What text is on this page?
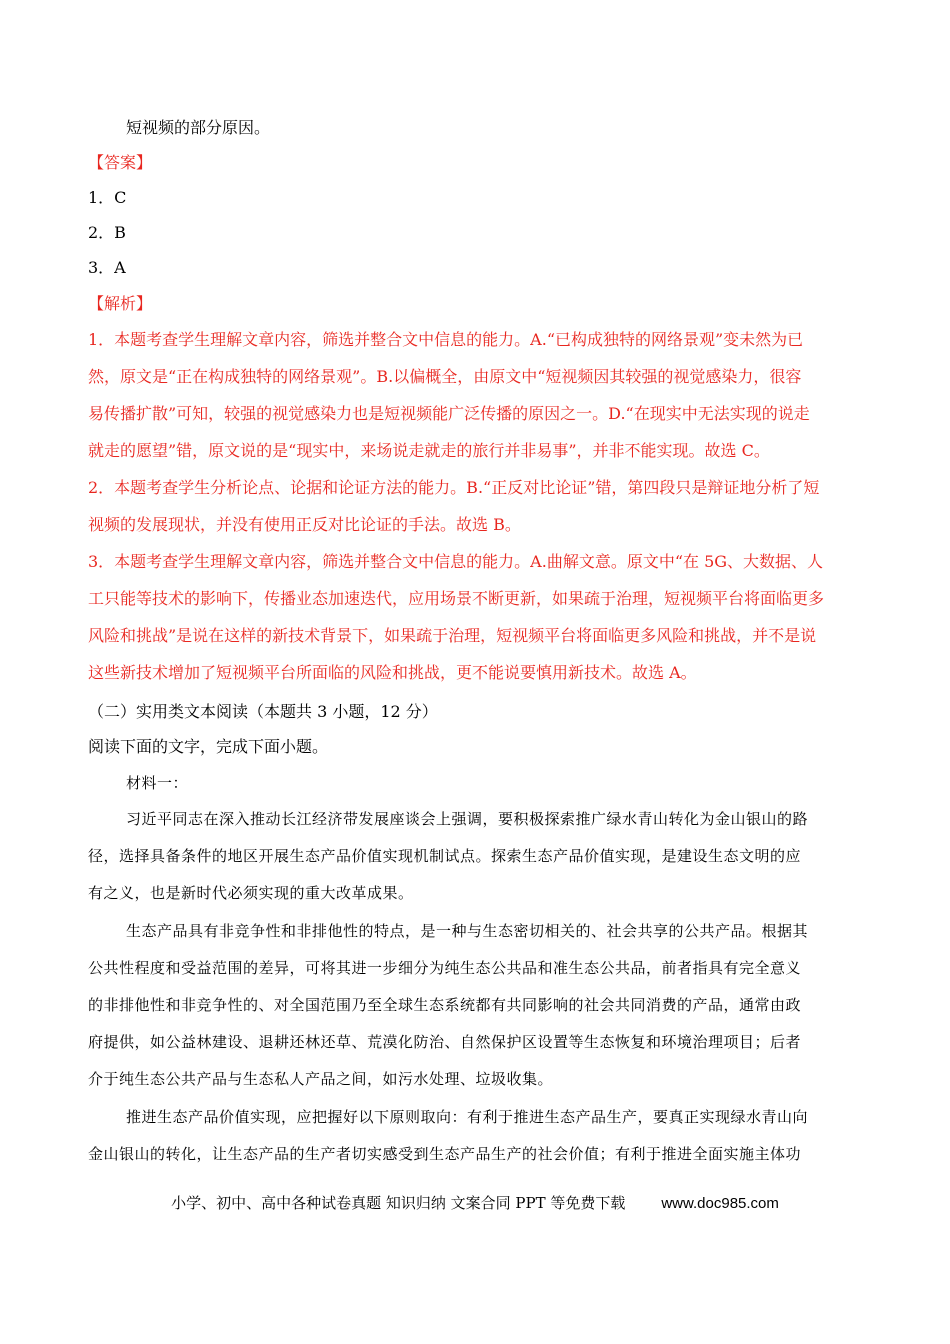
短视频的部分原因。
【答案】
1．C
2．B
3．A
【解析】
1．本题考查学生理解文章内容，筛选并整合文中信息的能力。A.“已构成独特的网络景观”变未然为已
然，原文是“正在构成独特的网络景观”。B.以偏概全，由原文中“短视频因其较强的视觉感染力，很容
易传播扩散”可知，较强的视觉感染力也是短视频能广泛传播的原因之一。D.“在现实中无法实现的说走
就走的愿望”错，原文说的是“现实中，来场说走就走的旅行并非易事”，并非不能实现。故选 C。
2．本题考查学生分析论点、论据和论证方法的能力。B.“正反对比论证”错，第四段只是辩证地分析了短
视频的发展现状，并没有使用正反对比论证的手法。故选 B。
3．本题考查学生理解文章内容，筛选并整合文中信息的能力。A.曲解文意。原文中“在 5G、大数据、人
工只能等技术的影响下，传播业态加速迭代，应用场景不断更新，如果疏于治理，短视频平台将面临更多
风险和挑战”是说在这样的新技术背景下，如果疏于治理，短视频平台将面临更多风险和挑战，并不是说
这些新技术增加了短视频平台所面临的风险和挑战，更不能说要慎用新技术。故选 A。
（二）实用类文本阅读（本题共 3 小题，12 分）
阅读下面的文字，完成下面小题。
材料一：
习近平同志在深入推动长江经济带发展座谈会上强调，要积极探索推广绿水青山转化为金山银山的路
径，选择具备条件的地区开展生态产品价值实现机制试点。探索生态产品价值实现，是建设生态文明的应
有之义，也是新时代必须实现的重大改革成果。
生态产品具有非竞争性和非排他性的特点，是一种与生态密切相关的、社会共享的公共产品。根据其
公共性程度和受益范围的差异，可将其进一步细分为纯生态公共品和准生态公共品，前者指具有完全意义
的非排他性和非竞争性的、对全国范围乃至全球生态系统都有共同影响的社会共同消费的产品，通常由政
府提供，如公益林建设、退耕还林还草、荒漠化防治、自然保护区设置等生态恢复和环境治理项目；后者
介于纯生态公共产品与生态私人产品之间，如污水处理、垃圾收集。
推进生态产品价值实现，应把握好以下原则取向：有利于推进生态产品生产，要真正实现绿水青山向
金山银山的转化，让生态产品的生产者切实感受到生态产品生产的社会价值；有利于推进全面实施主体功
小学、初中、高中各种试卷真题 知识归纳 文案合同 PPT 等免费下载 www.doc985.com
